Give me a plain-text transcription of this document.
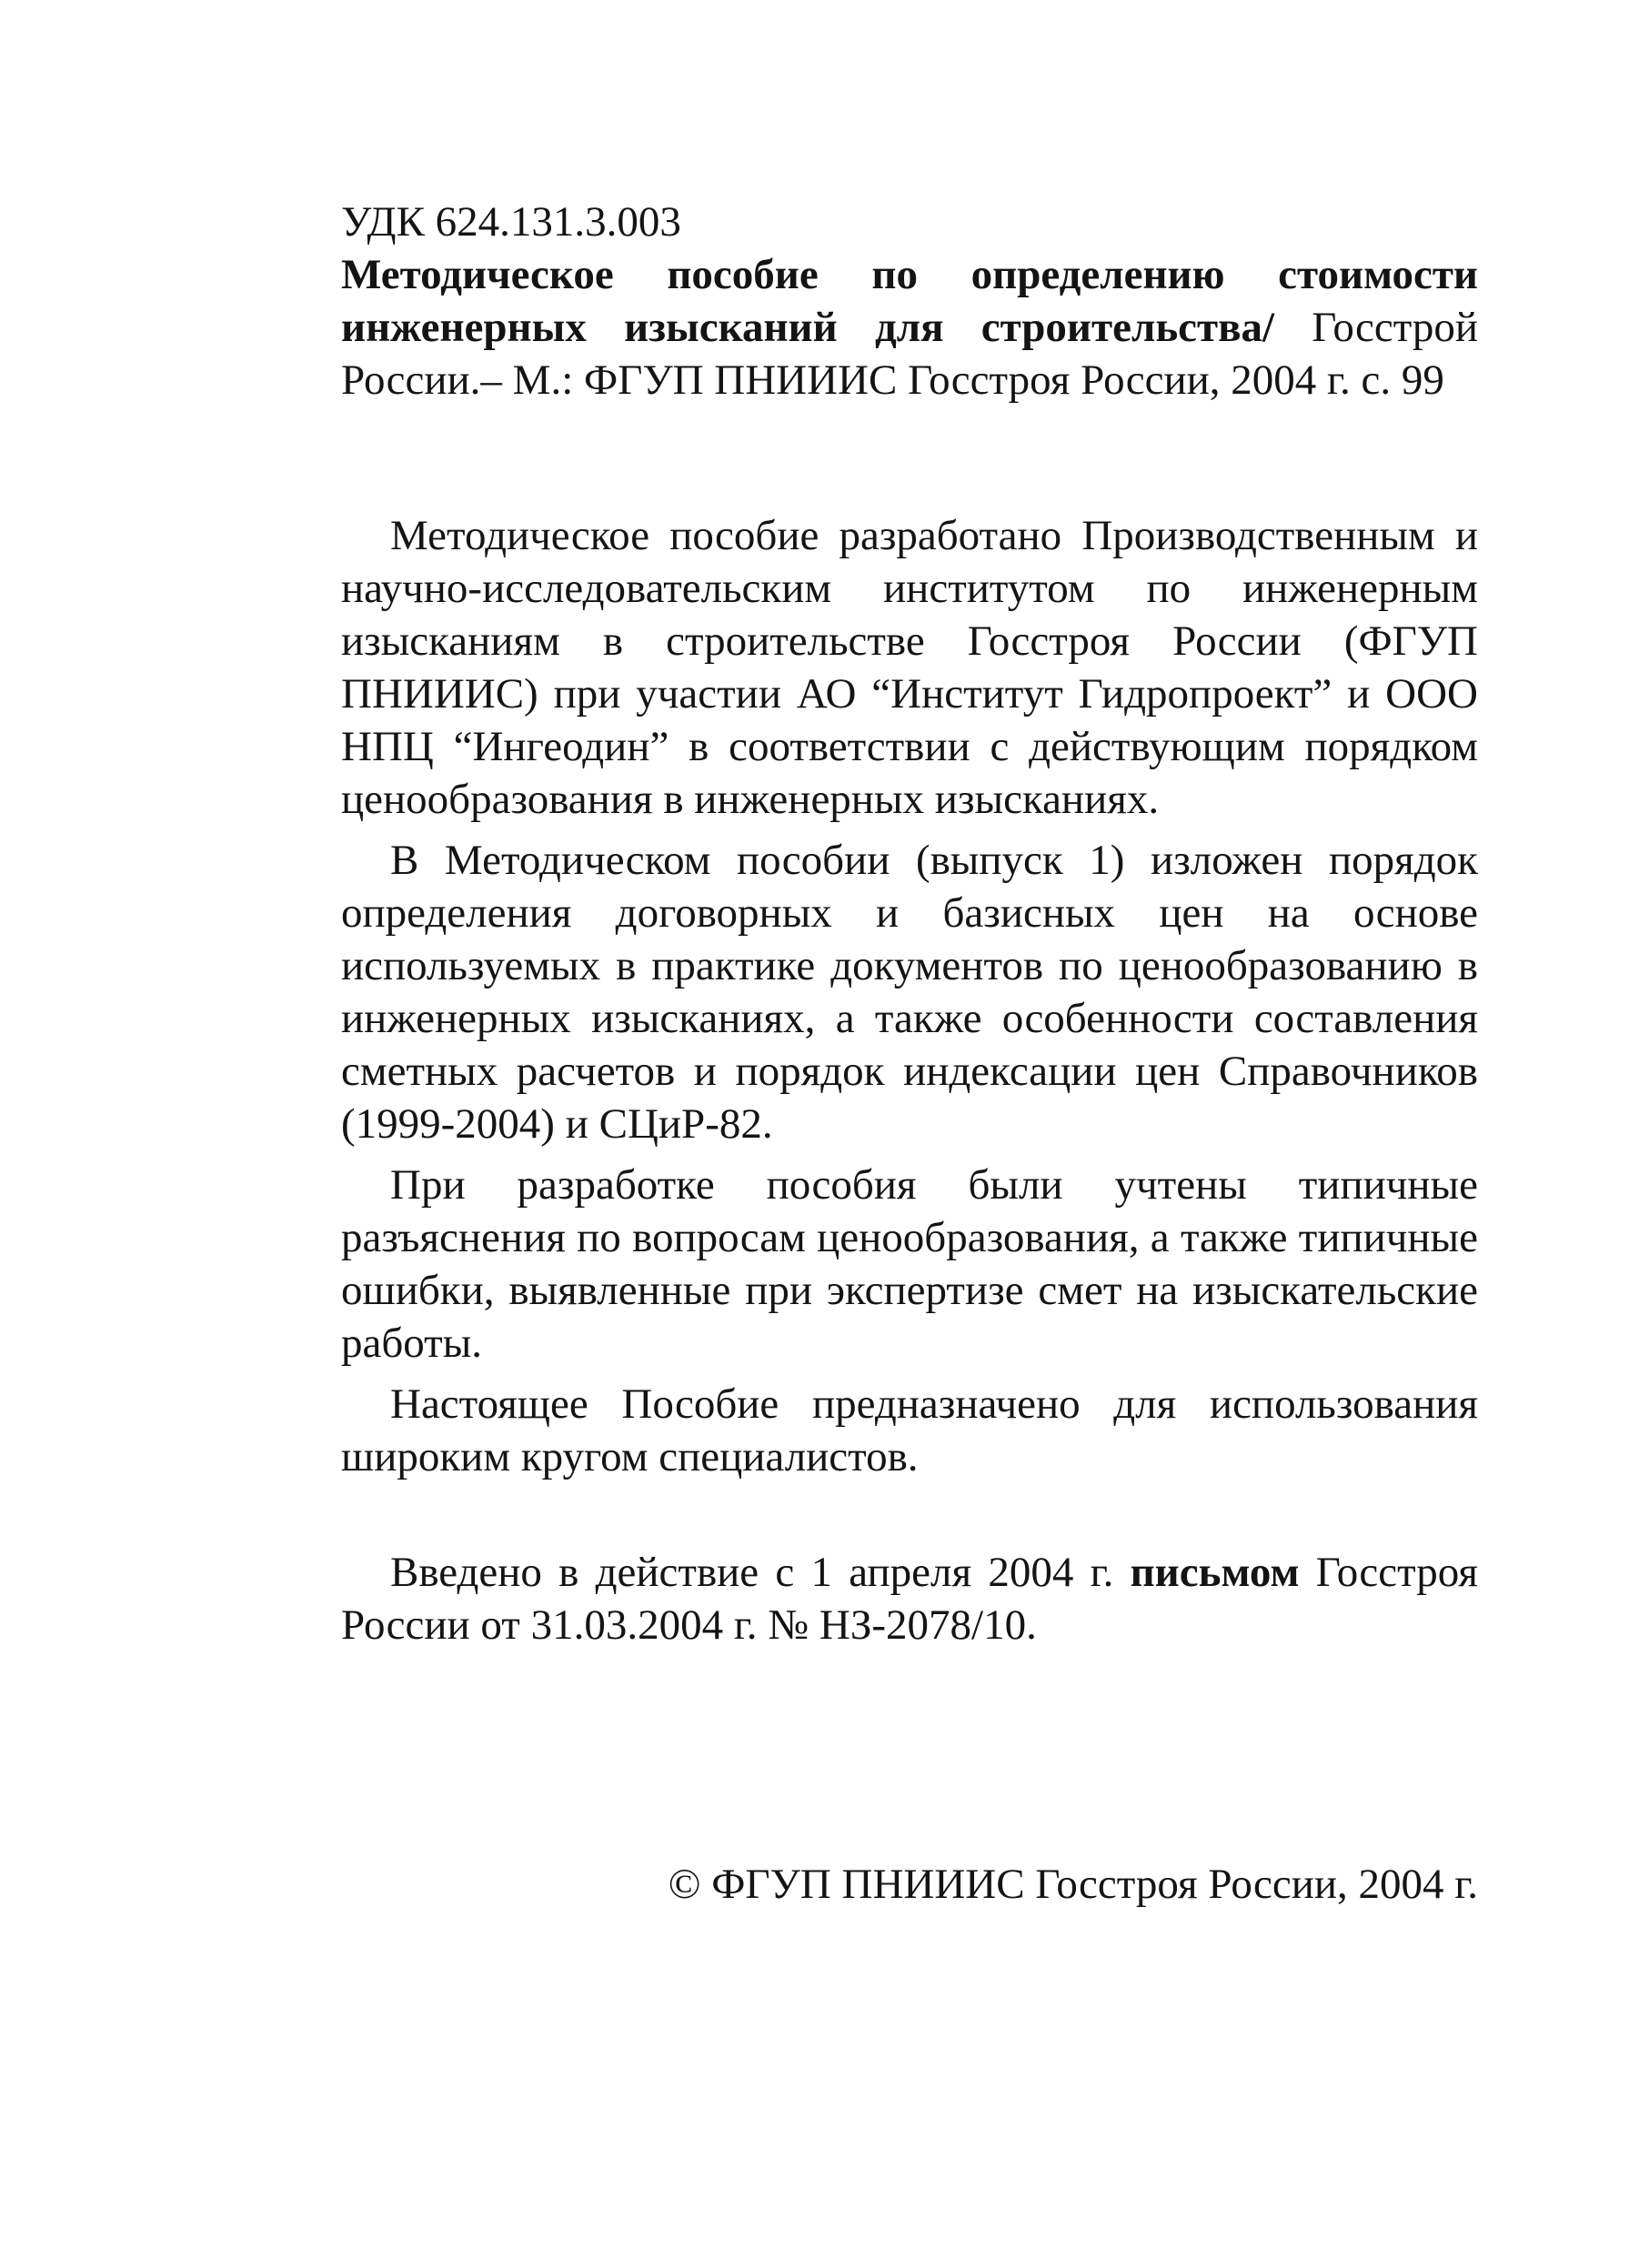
УДК 624.131.3.003
Методическое пособие по определению стоимости инженерных изысканий для строительства/ Госстрой России.– М.: ФГУП ПНИИИС Госстроя России, 2004 г. с. 99

Методическое пособие разработано Производственным и научно-исследовательским институтом по инженерным изысканиям в строительстве Госстроя России (ФГУП ПНИИИС) при участии АО “Институт Гидропроект” и ООО НПЦ “Ингеодин” в соответствии с действующим порядком ценообразования в инженерных изысканиях.

В Методическом пособии (выпуск 1) изложен порядок определения договорных и базисных цен на основе используемых в практике документов по ценообразованию в инженерных изысканиях, а также особенности составления сметных расчетов и порядок индексации цен Справочников (1999-2004) и СЦиР-82.

При разработке пособия были учтены типичные разъяснения по вопросам ценообразования, а также типичные ошибки, выявленные при экспертизе смет на изыскательские работы.

Настоящее Пособие предназначено для использования широким кругом специалистов.

Введено в действие с 1 апреля 2004 г. письмом Госстроя России от 31.03.2004 г. № НЗ-2078/10.

© ФГУП ПНИИИС Госстроя России, 2004 г.
